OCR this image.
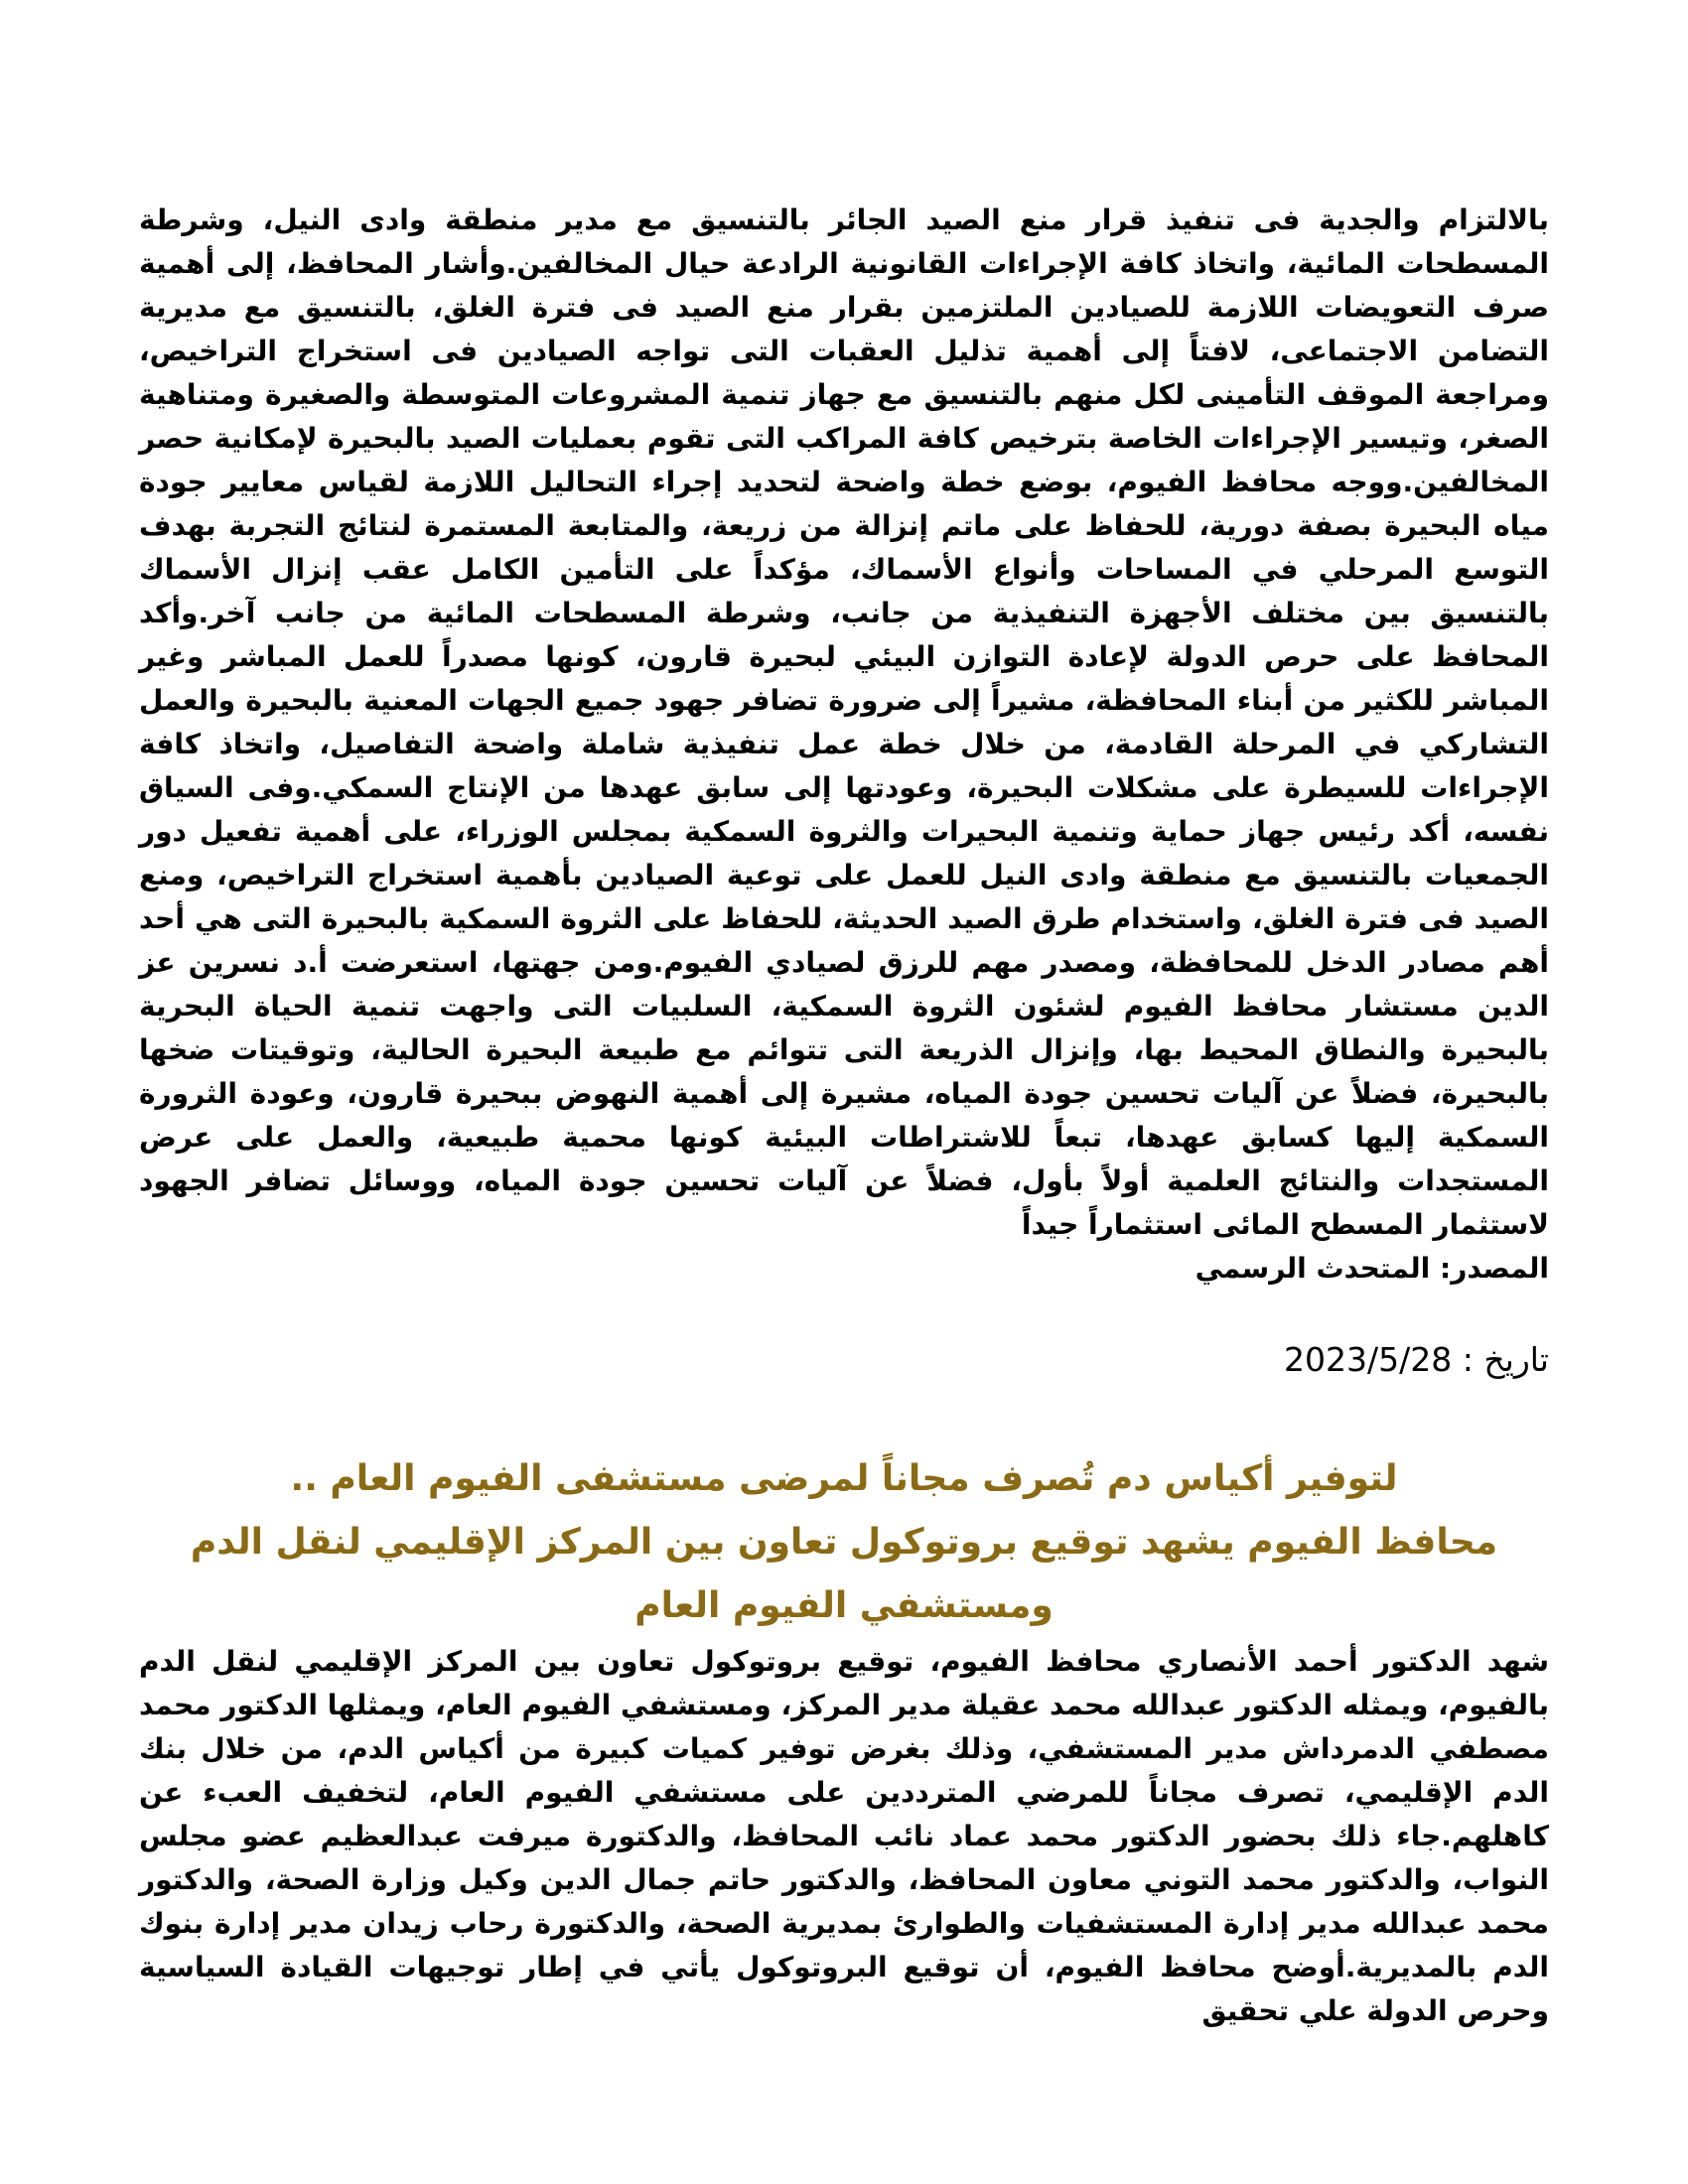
بالالتزام والجدية فى تنفيذ قرار منع الصيد الجائر بالتنسيق مع مدير منطقة وادى النيل، وشرطة المسطحات المائية، واتخاذ كافة الإجراءات القانونية الرادعة حيال المخالفين.وأشار المحافظ، إلى أهمية صرف التعويضات اللازمة للصيادين الملتزمين بقرار منع الصيد فى فترة الغلق، بالتنسيق مع مديرية التضامن الاجتماعى، لافتاً إلى أهمية تذليل العقبات التى تواجه الصيادين فى استخراج التراخيص، ومراجعة الموقف التأمينى لكل منهم بالتنسيق مع جهاز تنمية المشروعات المتوسطة والصغيرة ومتناهية الصغر، وتيسير الإجراءات الخاصة بترخيص كافة المراكب التى تقوم بعمليات الصيد بالبحيرة لإمكانية حصر المخالفين.ووجه محافظ الفيوم، بوضع خطة واضحة لتحديد إجراء التحاليل اللازمة لقياس معايير جودة مياه البحيرة بصفة دورية، للحفاظ على ماتم إنزالة من زريعة، والمتابعة المستمرة لنتائج التجربة بهدف التوسع المرحلي في المساحات وأنواع الأسماك، مؤكداً على التأمين الكامل عقب إنزال الأسماك بالتنسيق بين مختلف الأجهزة التنفيذية من جانب، وشرطة المسطحات المائية من جانب آخر.وأكد المحافظ على حرص الدولة لإعادة التوازن البيئي لبحيرة قارون، كونها مصدراً للعمل المباشر وغير المباشر للكثير من أبناء المحافظة، مشيراً إلى ضرورة تضافر جهود جميع الجهات المعنية بالبحيرة والعمل التشاركي في المرحلة القادمة، من خلال خطة عمل تنفيذية شاملة واضحة التفاصيل، واتخاذ كافة الإجراءات للسيطرة على مشكلات البحيرة، وعودتها إلى سابق عهدها من الإنتاج السمكي.وفى السياق نفسه، أكد رئيس جهاز حماية وتنمية البحيرات والثروة السمكية بمجلس الوزراء، على أهمية تفعيل دور الجمعيات بالتنسيق مع منطقة وادى النيل للعمل على توعية الصيادين بأهمية استخراج التراخيص، ومنع الصيد فى فترة الغلق، واستخدام طرق الصيد الحديثة، للحفاظ على الثروة السمكية بالبحيرة التى هي أحد أهم مصادر الدخل للمحافظة، ومصدر مهم للرزق لصيادي الفيوم.ومن جهتها، استعرضت أ.د نسرين عز الدين مستشار محافظ الفيوم لشئون الثروة السمكية، السلبيات التى واجهت تنمية الحياة البحرية بالبحيرة والنطاق المحيط بها، وإنزال الذريعة التى تتوائم مع طبيعة البحيرة الحالية، وتوقيتات ضخها بالبحيرة، فضلاً عن آليات تحسين جودة المياه، مشيرة إلى أهمية النهوض ببحيرة قارون، وعودة الثرورة السمكية إليها كسابق عهدها، تبعاً للاشتراطات البيئية كونها محمية طبيعية، والعمل على عرض المستجدات والنتائج العلمية أولاً بأول، فضلاً عن آليات تحسين جودة المياه، ووسائل تضافر الجهود لاستثمار المسطح المائى استثماراً جيداً

المصدر: المتحدث الرسمي
تاريخ : 2023/5/28
لتوفير أكياس دم تُصرف مجاناً لمرضى مستشفى الفيوم العام ..
محافظ الفيوم يشهد توقيع بروتوكول تعاون بين المركز الإقليمي لنقل الدم
ومستشفي الفيوم العام

شهد الدكتور أحمد الأنصاري محافظ الفيوم، توقيع بروتوكول تعاون بين المركز الإقليمي لنقل الدم بالفيوم، ويمثله الدكتور عبدالله محمد عقيلة مدير المركز، ومستشفي الفيوم العام، ويمثلها الدكتور محمد مصطفي الدمرداش مدير المستشفي، وذلك بغرض توفير كميات كبيرة من أكياس الدم، من خلال بنك الدم الإقليمي، تصرف مجاناً للمرضي المترددين على مستشفي الفيوم العام، لتخفيف العبء عن كاهلهم.جاء ذلك بحضور الدكتور محمد عماد نائب المحافظ، والدكتورة ميرفت عبدالعظيم عضو مجلس النواب، والدكتور محمد التوني معاون المحافظ، والدكتور حاتم جمال الدين وكيل وزارة الصحة، والدكتور محمد عبدالله مدير إدارة المستشفيات والطوارئ بمديرية الصحة، والدكتورة رحاب زيدان مدير إدارة بنوك الدم بالمديرية.أوضح محافظ الفيوم، أن توقيع البروتوكول يأتي في إطار توجيهات القيادة السياسية وحرص الدولة علي تحقيق
